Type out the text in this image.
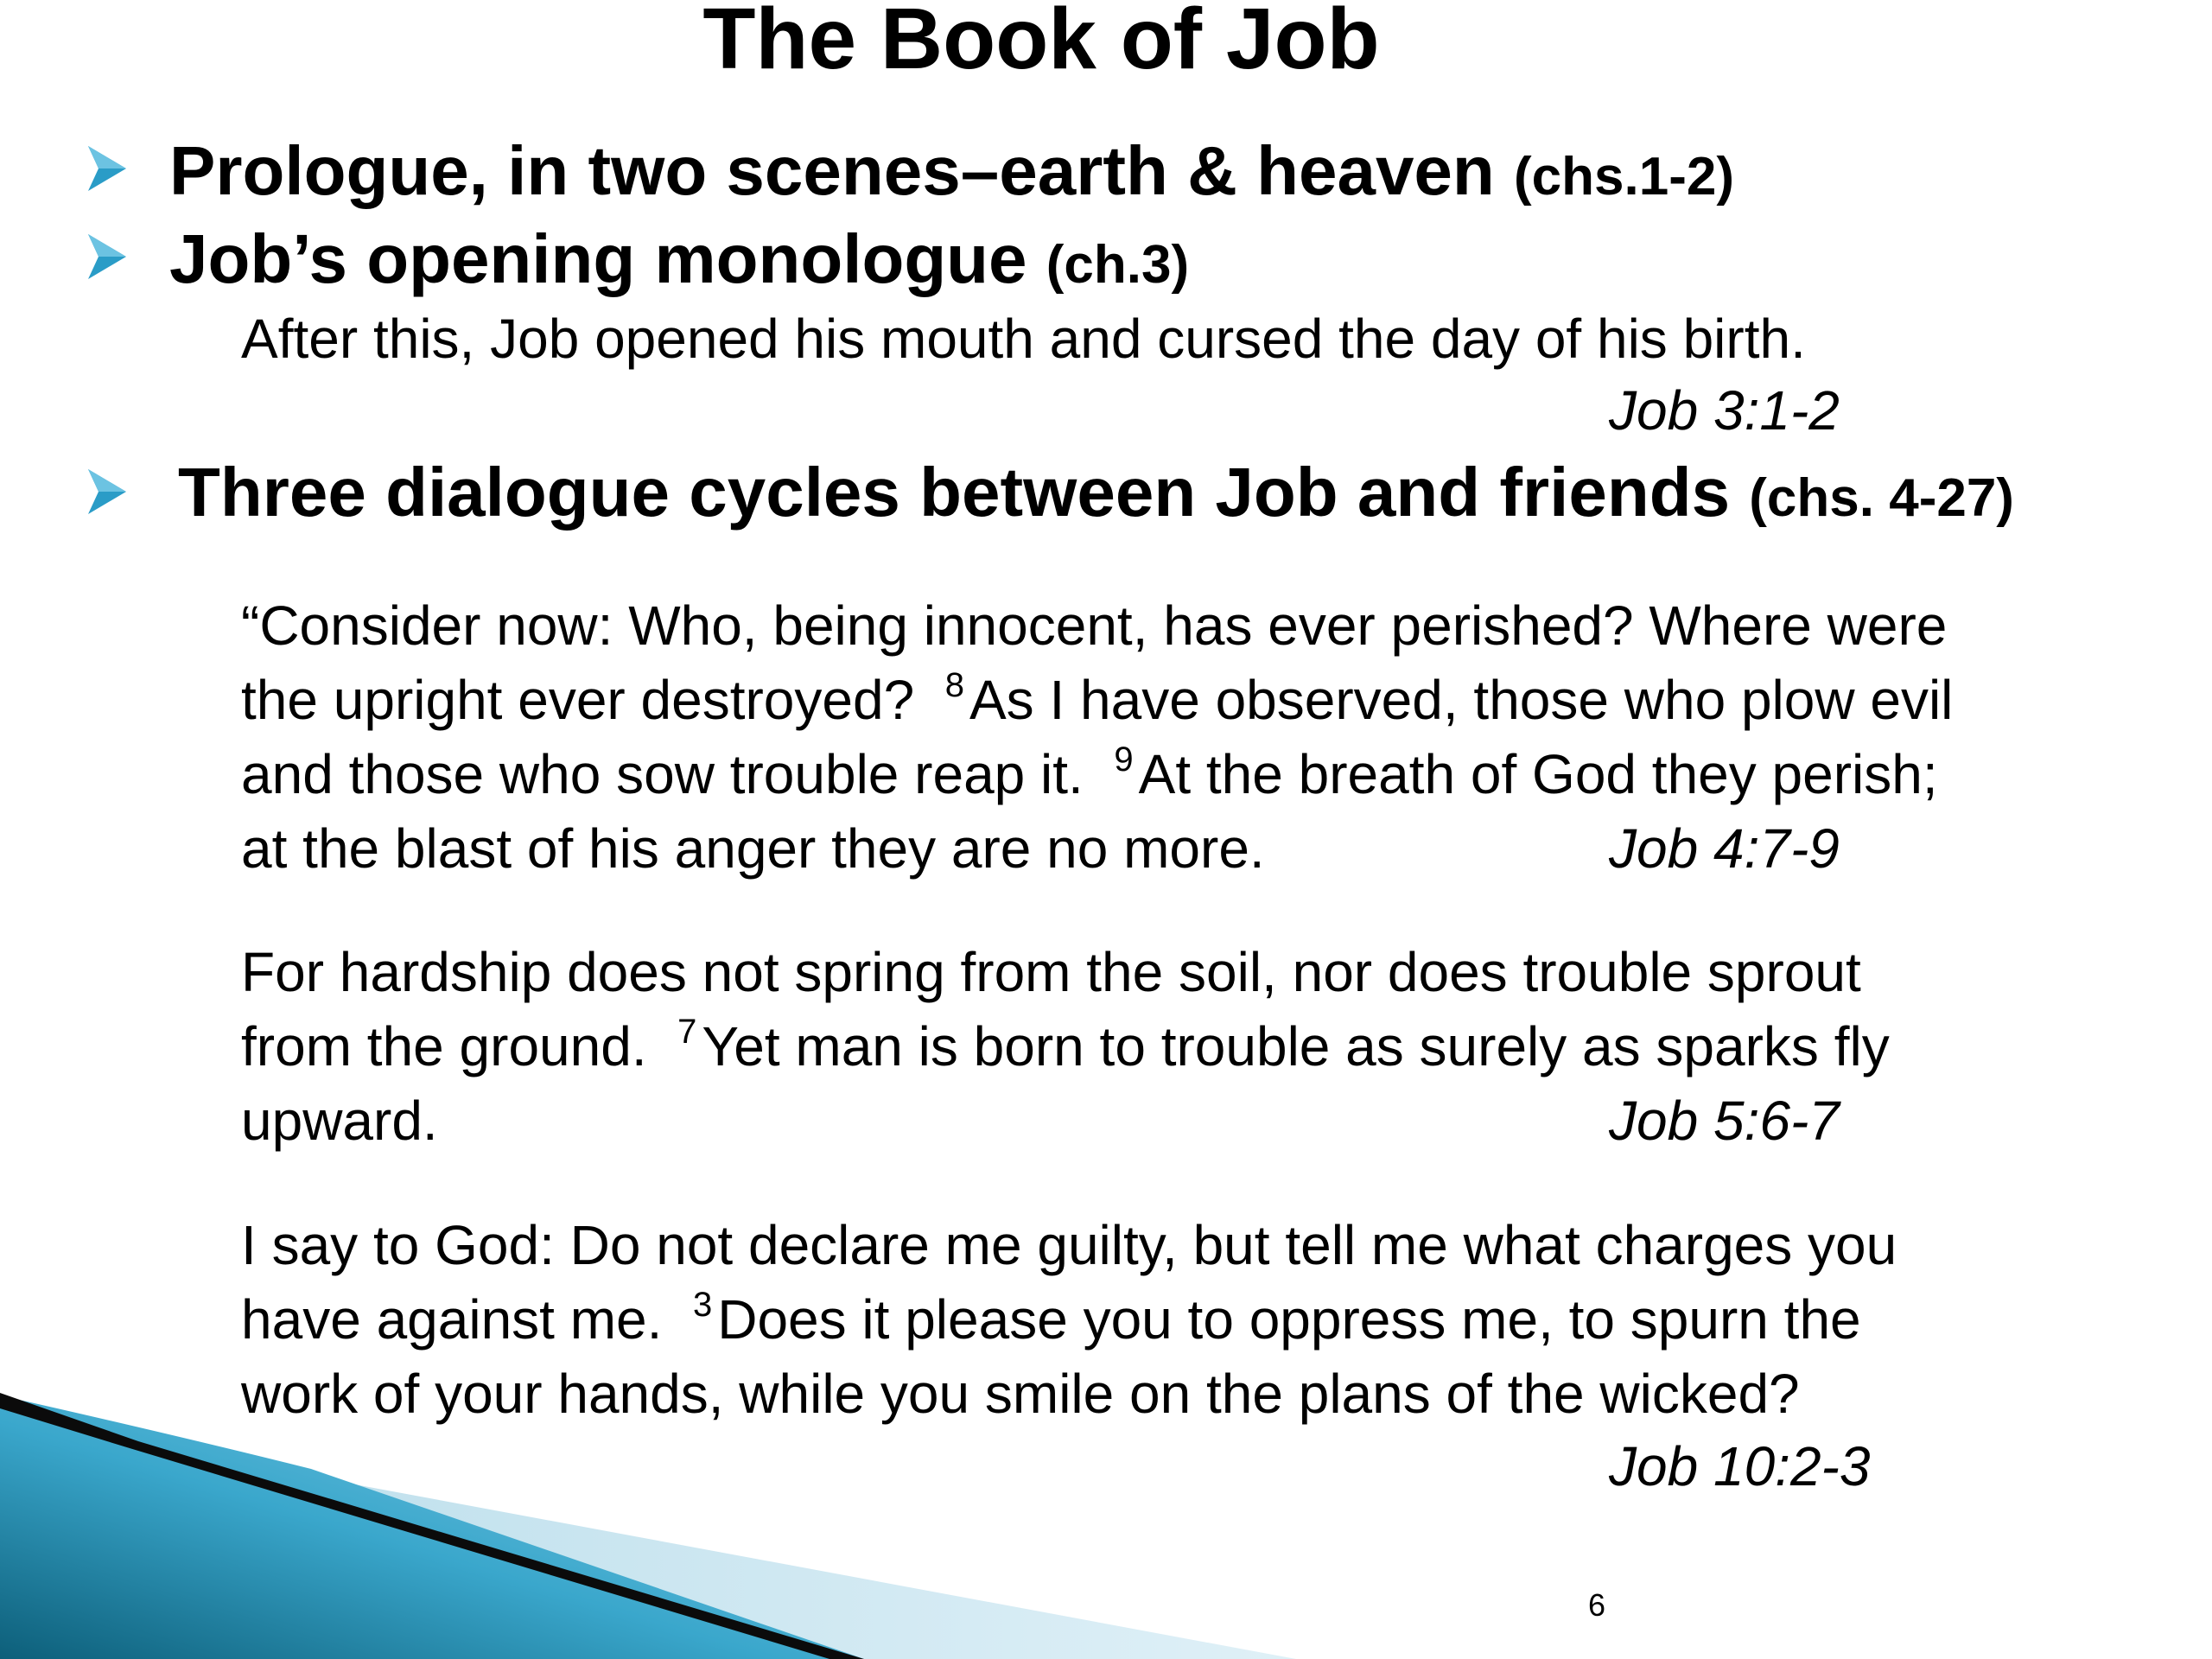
The Book of Job
Prologue, in two scenes–earth & heaven (chs.1-2)
Job’s opening monologue (ch.3)
After this, Job opened his mouth and cursed the day of his birth.
Job 3:1-2
Three dialogue cycles between Job and friends (chs. 4-27)
“Consider now: Who, being innocent, has ever perished? Where were
the upright ever destroyed?  $^8$As I have observed, those who plow evil
and those who sow trouble reap it.  $^9$At the breath of God they perish;
at the blast of his anger they are no more.	Job 4:7-9
For hardship does not spring from the soil, nor does trouble sprout
from the ground.  $^7$Yet man is born to trouble as surely as sparks fly
upward.	Job 5:6-7
I say to God: Do not declare me guilty, but tell me what charges you
have against me.  $^3$Does it please you to oppress me, to spurn the
work of your hands, while you smile on the plans of the wicked?
Job 10:2-3
6
